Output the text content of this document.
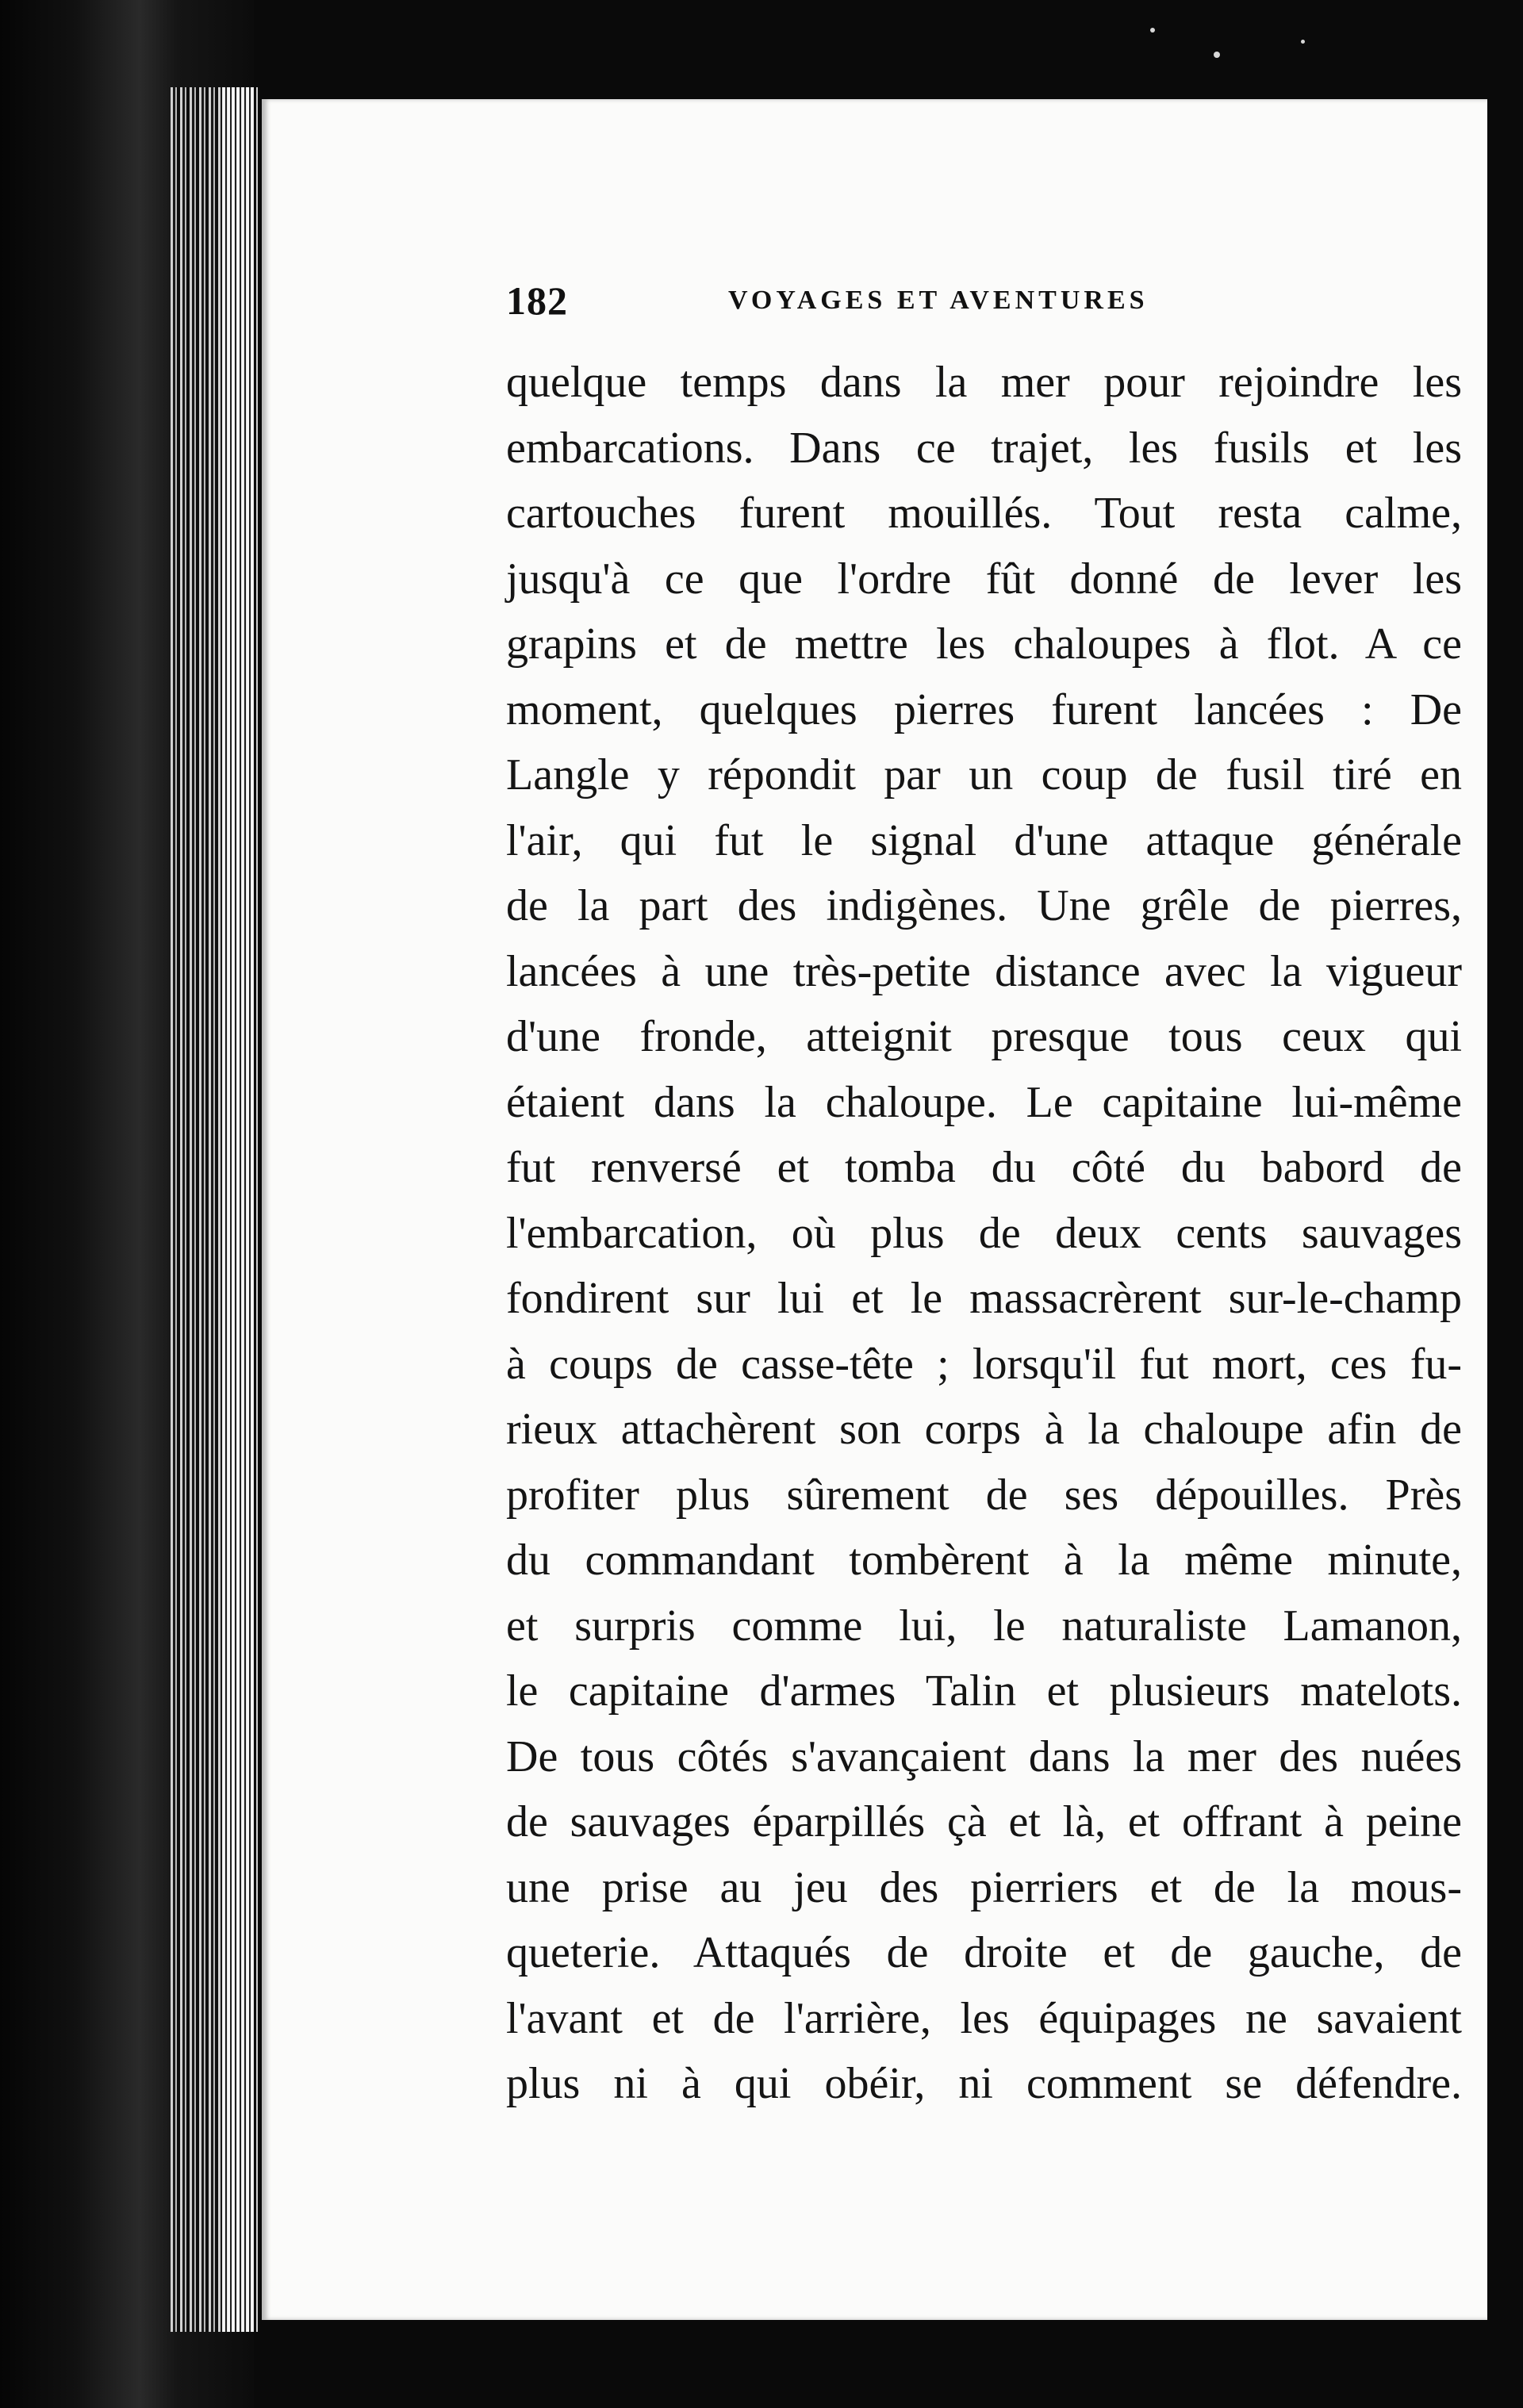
182	VOYAGES ET AVENTURES
quelque temps dans la mer pour rejoindre les
embarcations. Dans ce trajet, les fusils et les
cartouches furent mouillés. Tout resta calme,
jusqu'à ce que l'ordre fût donné de lever les
grapins et de mettre les chaloupes à flot. A ce
moment, quelques pierres furent lancées : De
Langle y répondit par un coup de fusil tiré en
l'air, qui fut le signal d'une attaque générale
de la part des indigènes. Une grêle de pierres,
lancées à une très-petite distance avec la vigueur
d'une fronde, atteignit presque tous ceux qui
étaient dans la chaloupe. Le capitaine lui-même
fut renversé et tomba du côté du babord de
l'embarcation, où plus de deux cents sauvages
fondirent sur lui et le massacrèrent sur-le-champ
à coups de casse-tête ; lorsqu'il fut mort, ces fu-
rieux attachèrent son corps à la chaloupe afin de
profiter plus sûrement de ses dépouilles. Près
du commandant tombèrent à la même minute,
et surpris comme lui, le naturaliste Lamanon,
le capitaine d'armes Talin et plusieurs matelots.
De tous côtés s'avançaient dans la mer des nuées
de sauvages éparpillés çà et là, et offrant à peine
une prise au jeu des pierriers et de la mous-
queterie. Attaqués de droite et de gauche, de
l'avant et de l'arrière, les équipages ne savaient
plus ni à qui obéir, ni comment se défendre.
